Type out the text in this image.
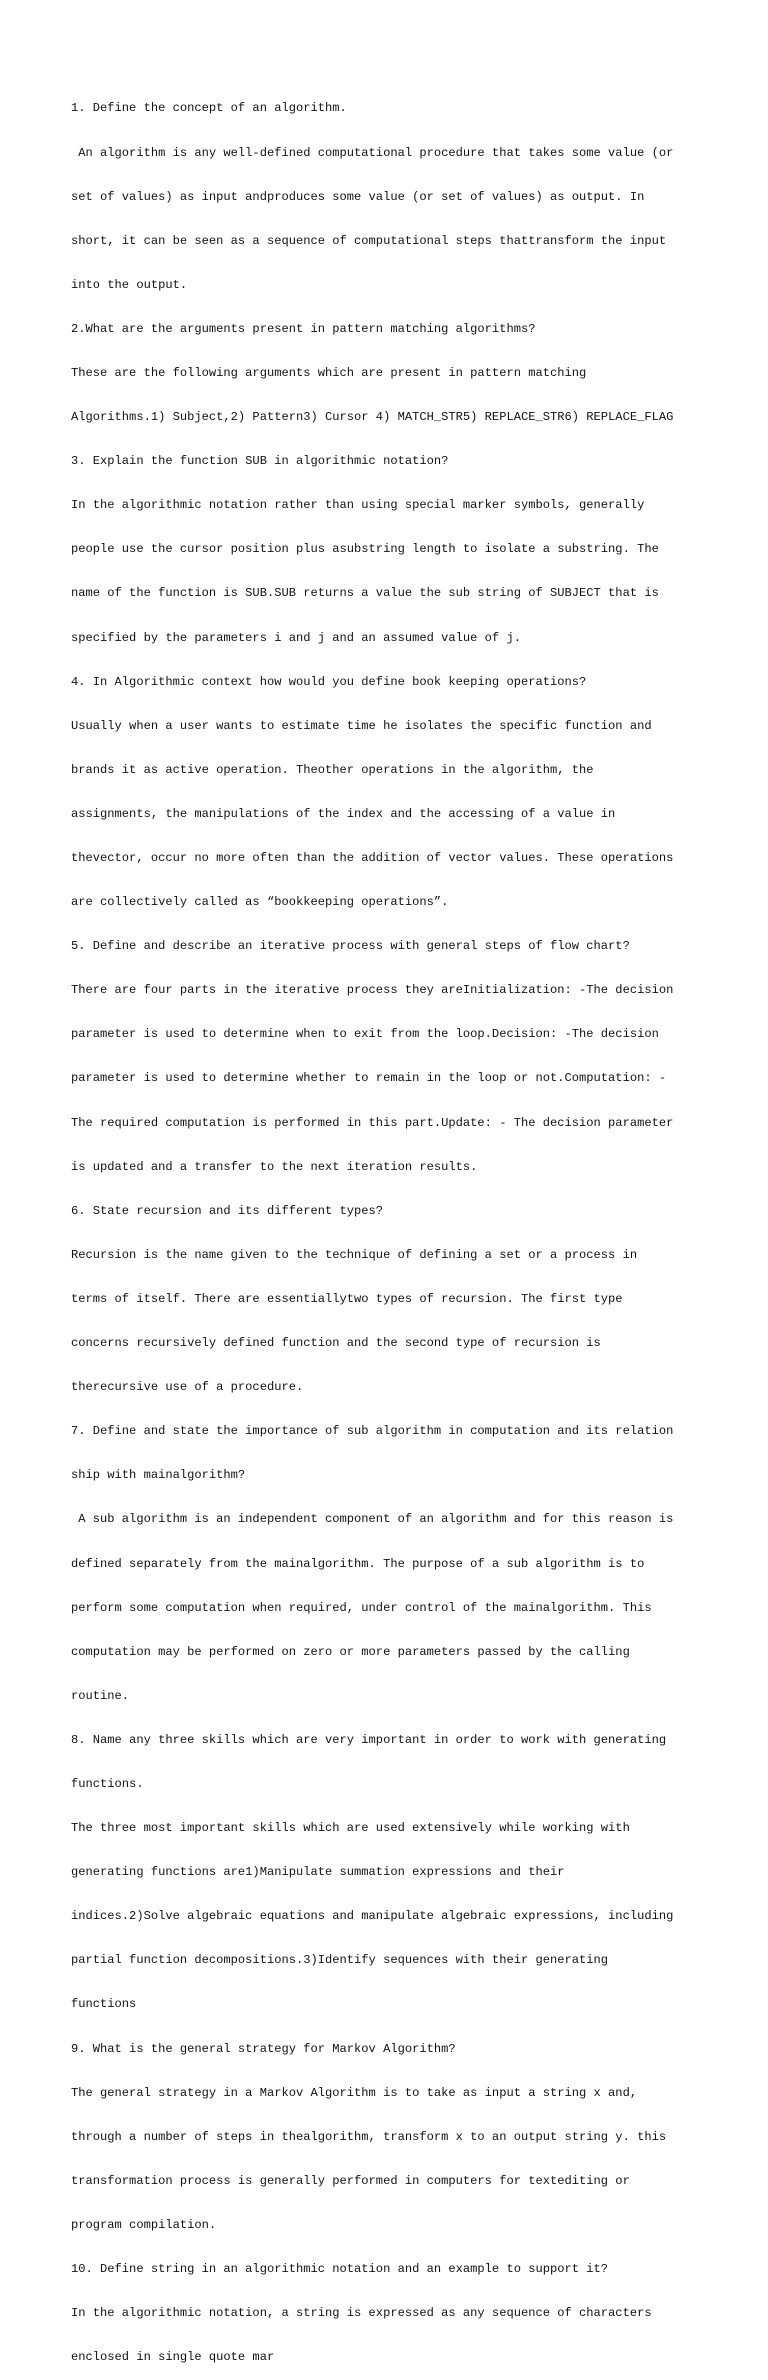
1. Define the concept of an algorithm.

An algorithm is any well-defined computational procedure that takes some value (or

set of values) as input andproduces some value (or set of values) as output. In

short, it can be seen as a sequence of computational steps thattransform the input

into the output.

2.What are the arguments present in pattern matching algorithms?

These are the following arguments which are present in pattern matching

Algorithms.1) Subject,2) Pattern3) Cursor 4) MATCH_STR5) REPLACE_STR6) REPLACE_FLAG

3. Explain the function SUB in algorithmic notation?

In the algorithmic notation rather than using special marker symbols, generally

people use the cursor position plus asubstring length to isolate a substring. The

name of the function is SUB.SUB returns a value the sub string of SUBJECT that is

specified by the parameters i and j and an assumed value of j.

4. In Algorithmic context how would you define book keeping operations?

Usually when a user wants to estimate time he isolates the specific function and

brands it as active operation. Theother operations in the algorithm, the

assignments, the manipulations of the index and the accessing of a value in

thevector, occur no more often than the addition of vector values. These operations

are collectively called as “bookkeeping operations”.

5. Define and describe an iterative process with general steps of flow chart?

There are four parts in the iterative process they areInitialization: -The decision

parameter is used to determine when to exit from the loop.Decision: -The decision

parameter is used to determine whether to remain in the loop or not.Computation: -

The required computation is performed in this part.Update: - The decision parameter

is updated and a transfer to the next iteration results.

6. State recursion and its different types?

Recursion is the name given to the technique of defining a set or a process in

terms of itself. There are essentiallytwo types of recursion. The first type

concerns recursively defined function and the second type of recursion is

therecursive use of a procedure.

7. Define and state the importance of sub algorithm in computation and its relation

ship with mainalgorithm?

A sub algorithm is an independent component of an algorithm and for this reason is

defined separately from the mainalgorithm. The purpose of a sub algorithm is to

perform some computation when required, under control of the mainalgorithm. This

computation may be performed on zero or more parameters passed by the calling

routine.

8. Name any three skills which are very important in order to work with generating

functions.

The three most important skills which are used extensively while working with

generating functions are1)Manipulate summation expressions and their

indices.2)Solve algebraic equations and manipulate algebraic expressions, including

partial function decompositions.3)Identify sequences with their generating

functions

9. What is the general strategy for Markov Algorithm?

The general strategy in a Markov Algorithm is to take as input a string x and,

through a number of steps in thealgorithm, transform x to an output string y. this

transformation process is generally performed in computers for textediting or

program compilation.

10. Define string in an algorithmic notation and an example to support it?

In the algorithmic notation, a string is expressed as any sequence of characters

enclosed in single quote mar
